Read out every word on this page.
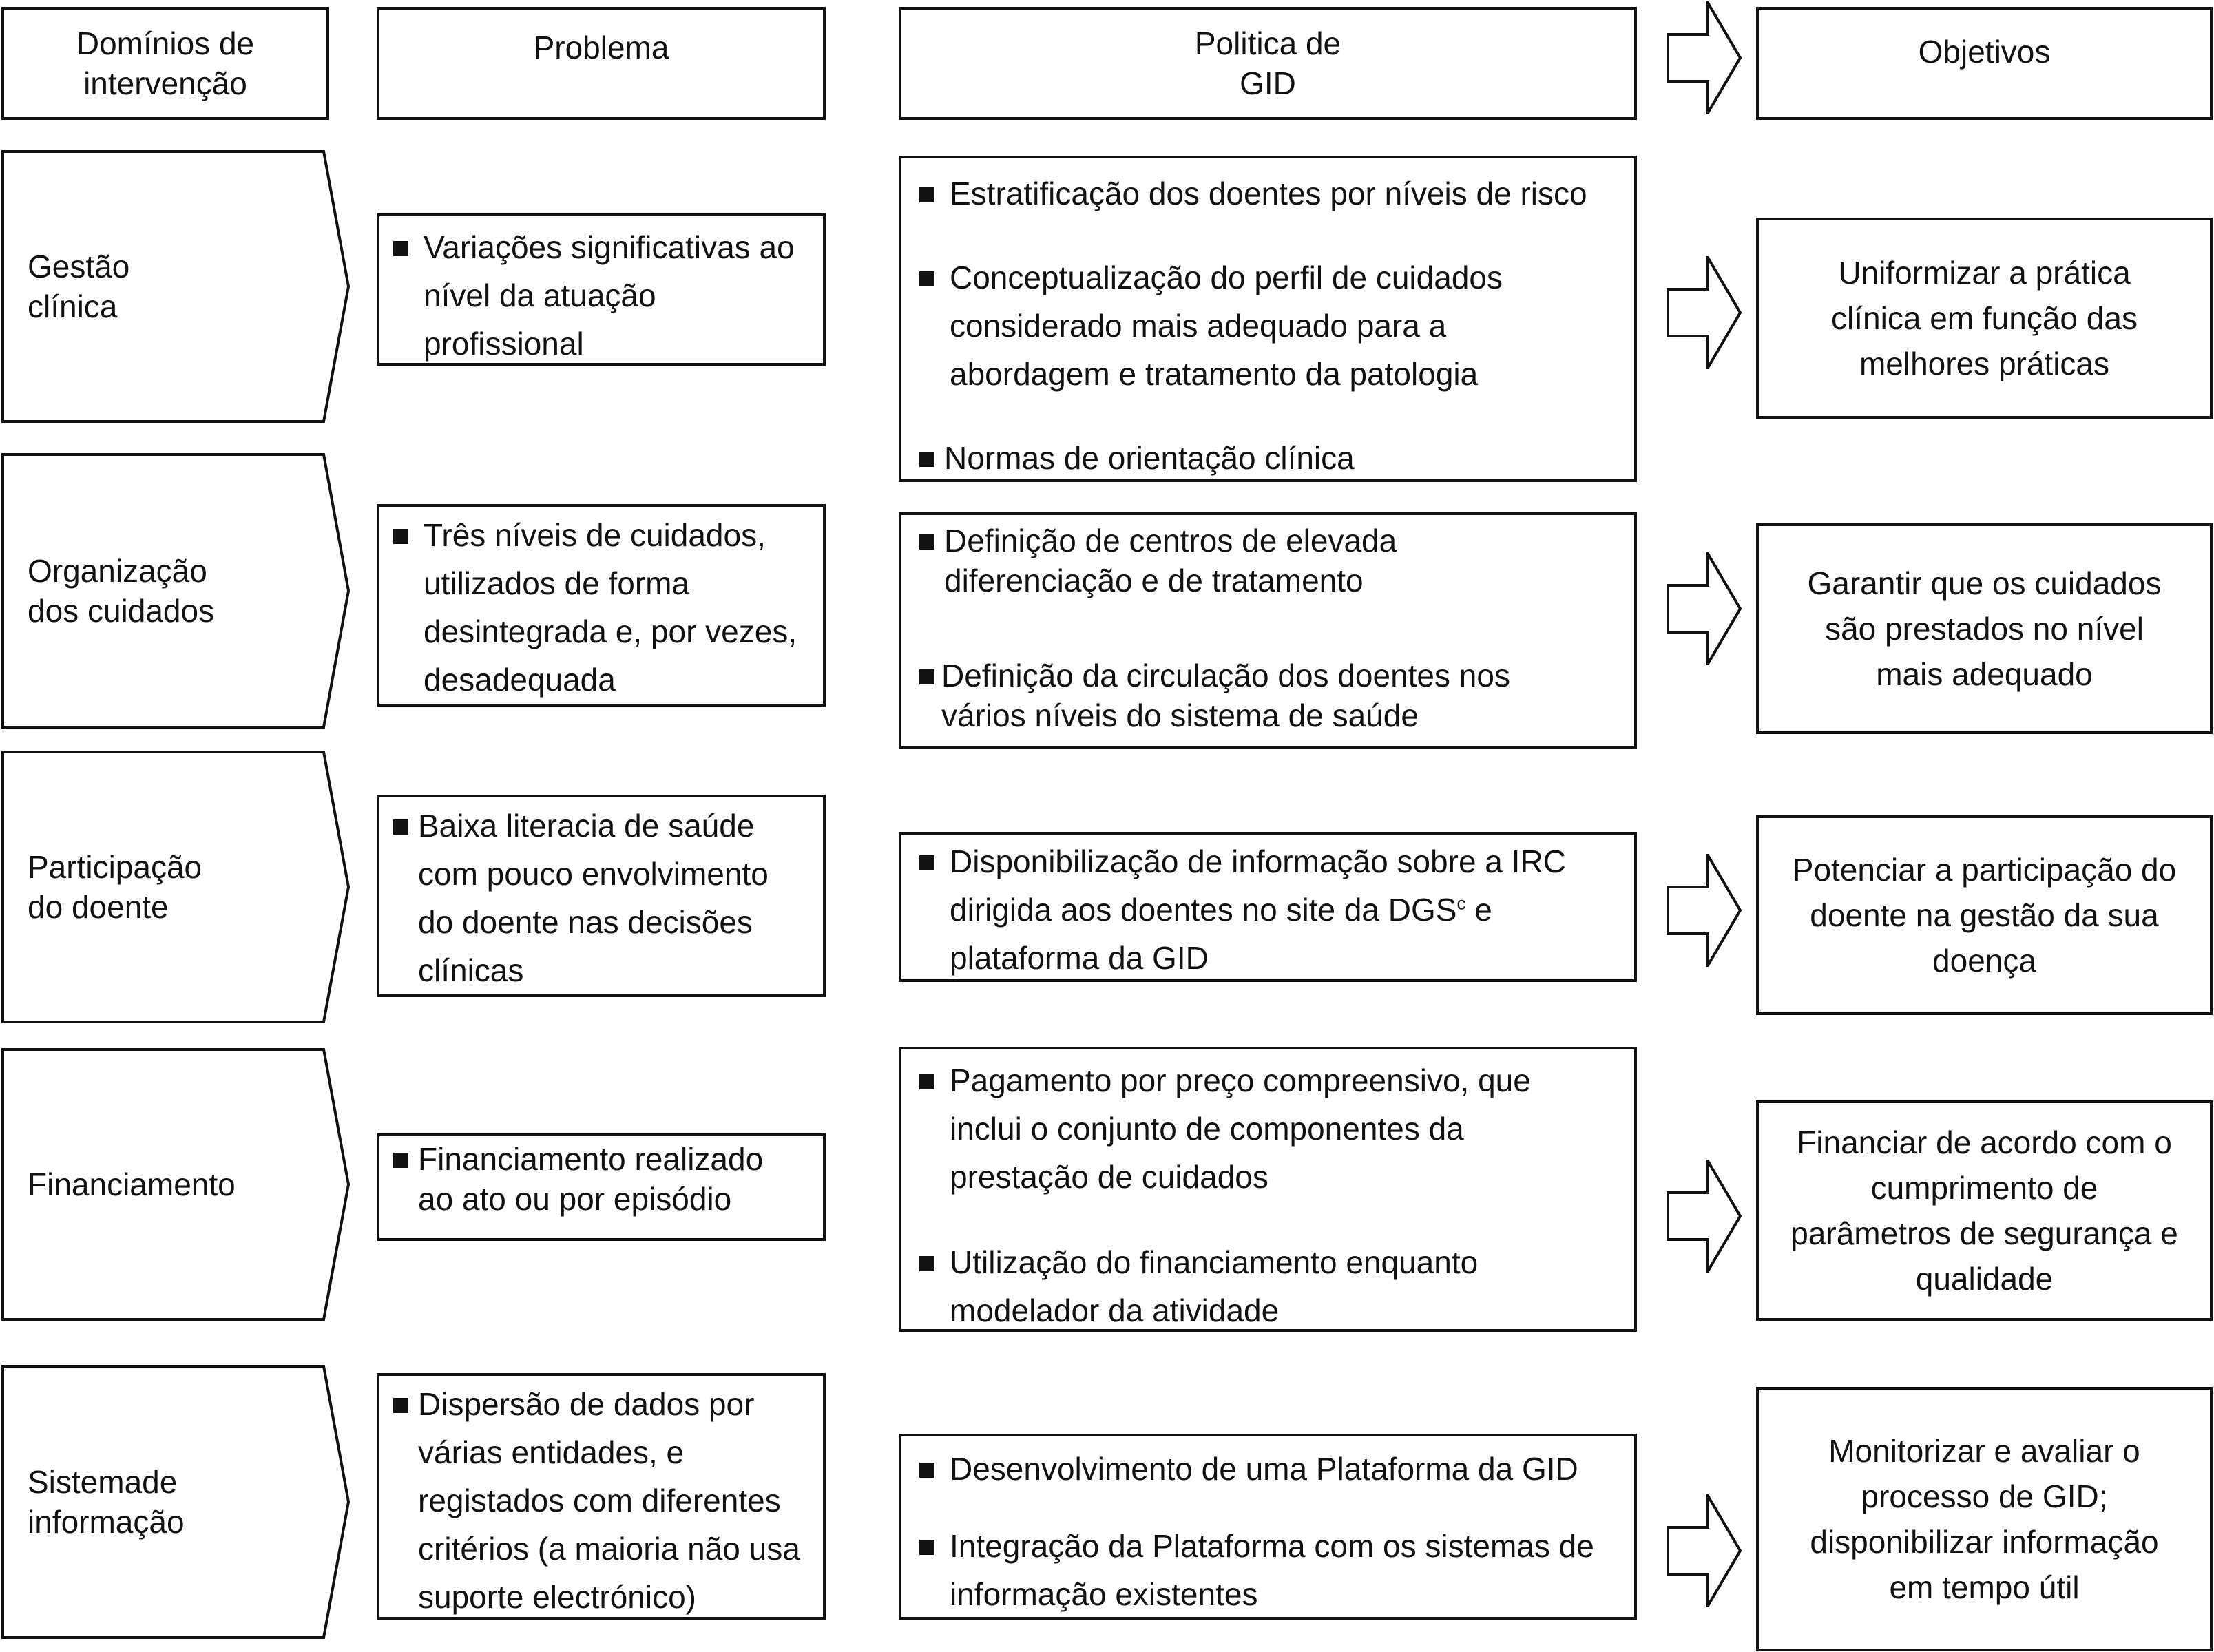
Domínios de
intervenção
Problema	Politica de
GID
Objetivos
Gestão
clínica
Variações significativas ao
nível da atuação
profissional
Estratificação dos doentes por níveis de risco
Conceptualização do perfil de cuidados
considerado mais adequado para a
abordagem e tratamento da patologia
Normas de orientação clínica
Uniformizar a prática
clínica em função das
melhores práticas
Organização
dos cuidados
Três níveis de cuidados,
utilizados de forma
desintegrada e, por vezes,
desadequada
Definição de centros de elevada
diferenciação e de tratamento
Definição da circulação dos doentes nos
vários níveis do sistema de saúde
Garantir que os cuidados
são prestados no nível
mais adequado
Participação
do doente
Baixa literacia de saúde
com pouco envolvimento
do doente nas decisões
clínicas
Disponibilização de informação sobre a IRC
dirigida aos doentes no site da DGS$^c$ e
plataforma da GID
Potenciar a participação do
doente na gestão da sua
doença
Financiamento
Financiamento realizado
ao ato ou por episódio
Pagamento por preço compreensivo, que
inclui o conjunto de componentes da
prestação de cuidados
Utilização do financiamento enquanto
modelador da atividade
Financiar de acordo com o
cumprimento de
parâmetros de segurança e
qualidade
Sistemade
informação
Dispersão de dados por
várias entidades, e
registados com diferentes
critérios (a maioria não usa
suporte electrónico)
Desenvolvimento de uma Plataforma da GID
Integração da Plataforma com os sistemas de
informação existentes
Monitorizar e avaliar o
processo de GID;
disponibilizar informação
em tempo útil
